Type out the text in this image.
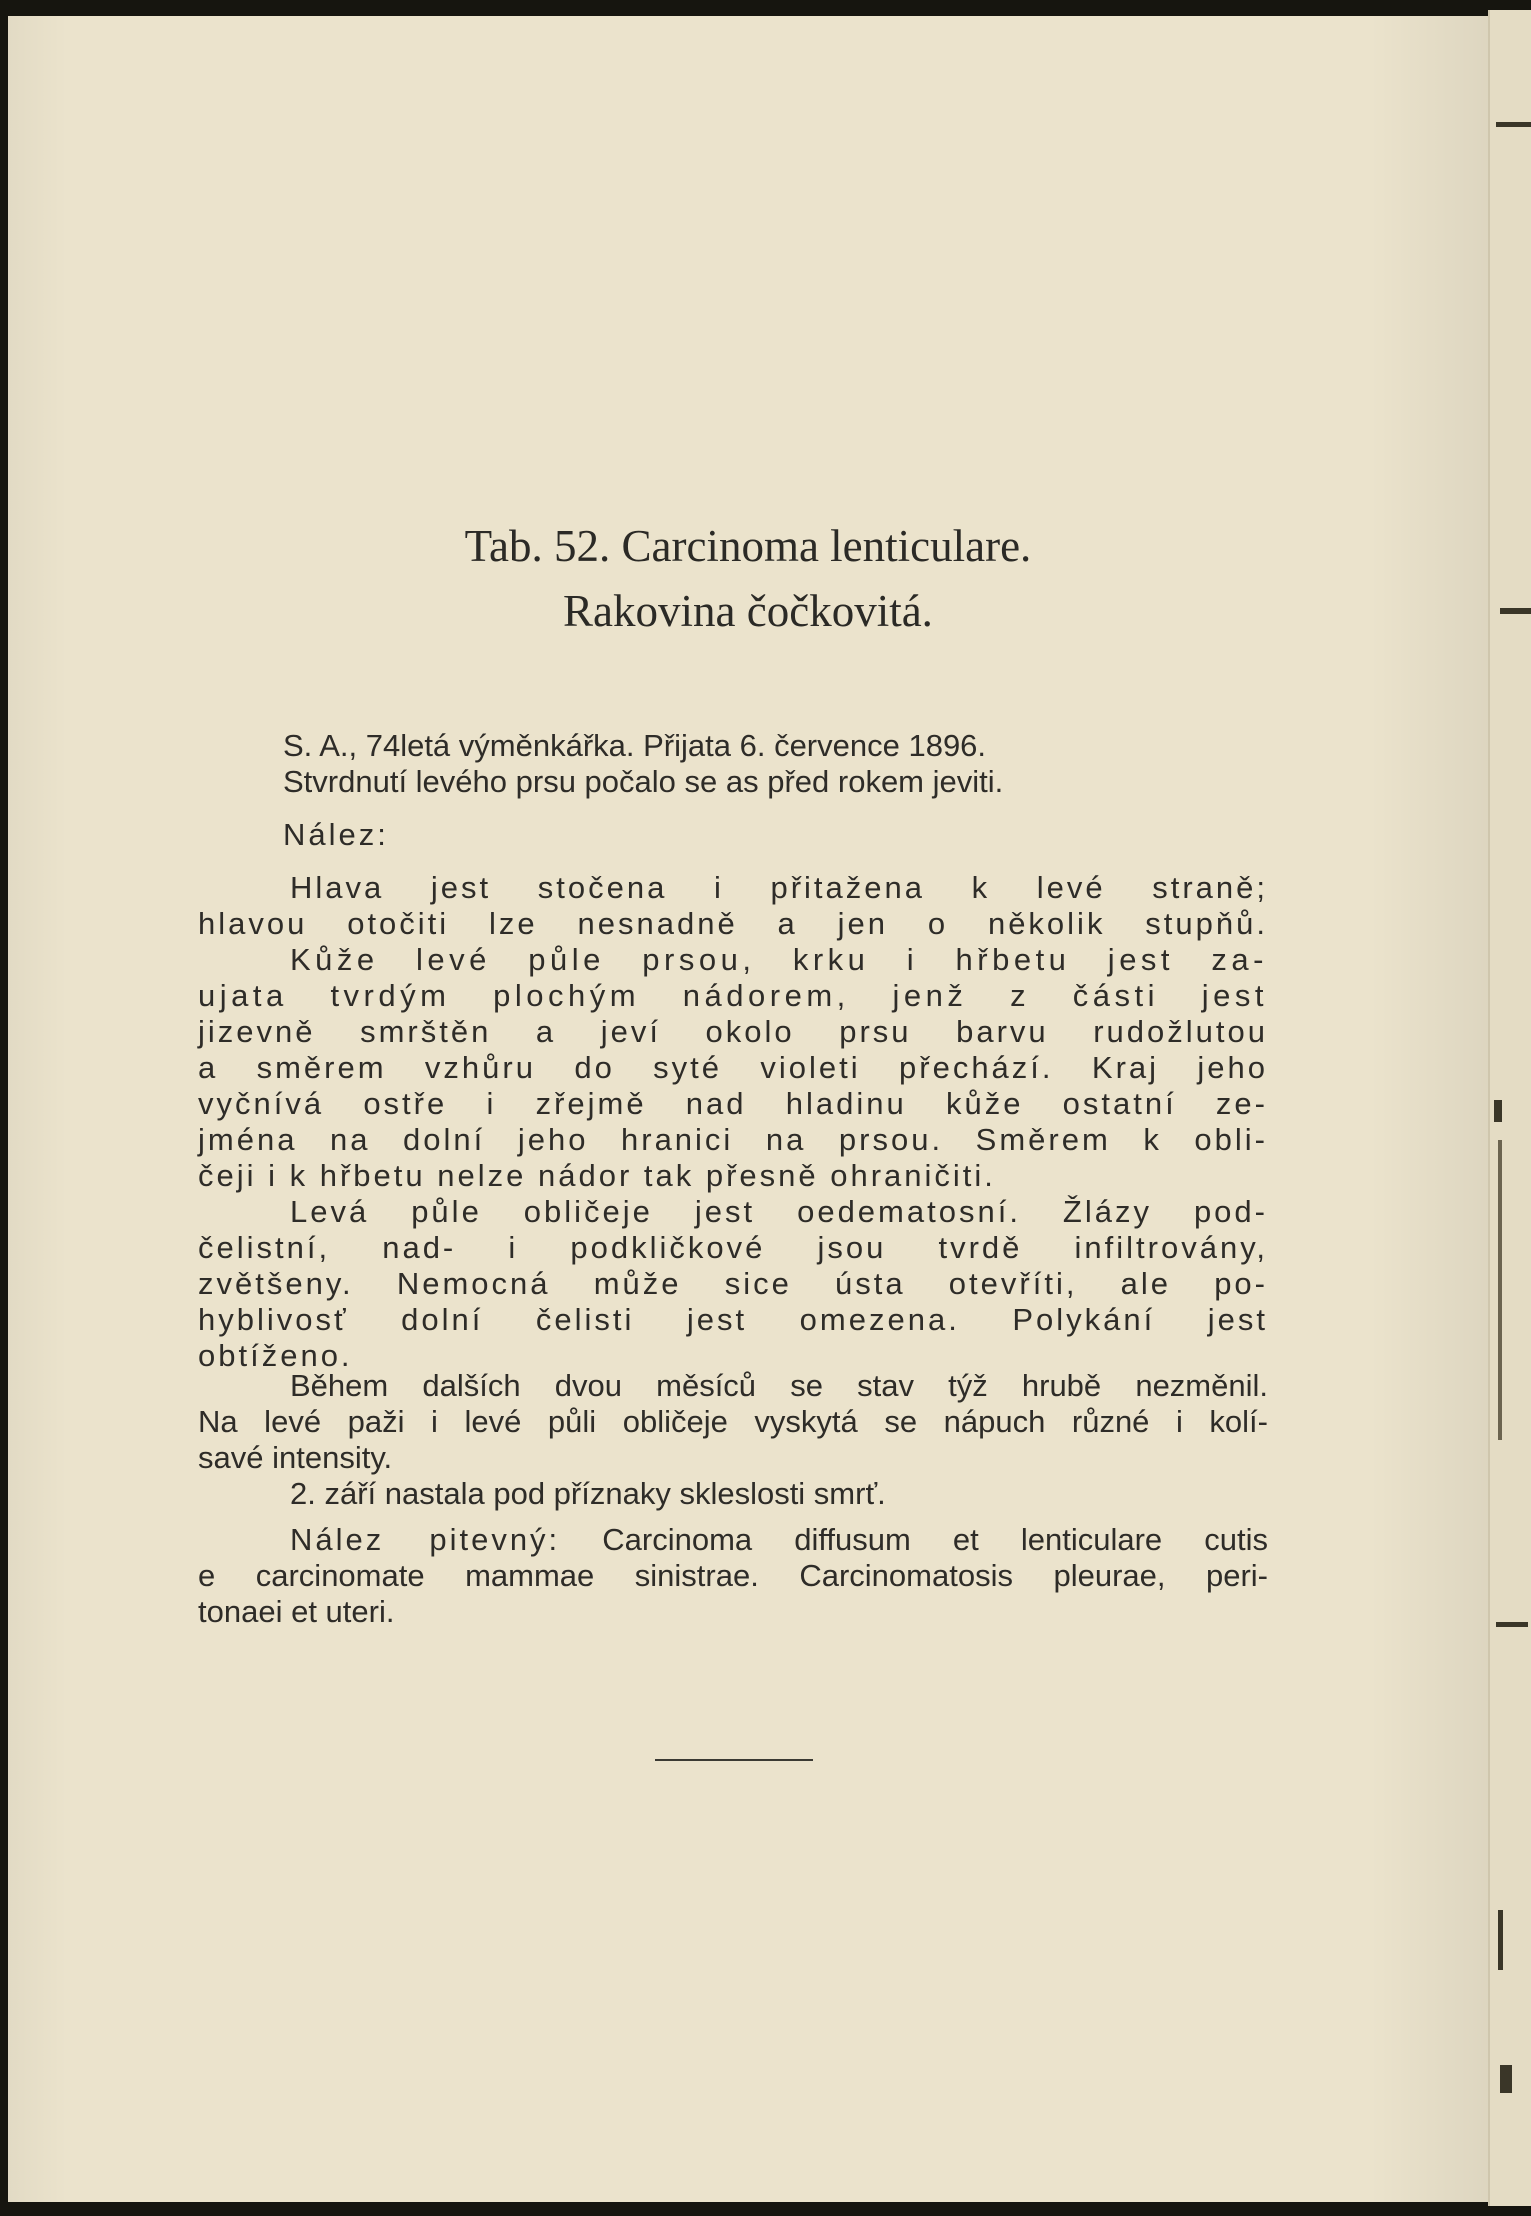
Tab. 52. Carcinoma lenticulare.
Rakovina čočkovitá.
S. A., 74letá výměnkářka. Přijata 6. července 1896.
Stvrdnutí levého prsu počalo se as před rokem jeviti.
Nález:
Hlava jest stočena i přitažena k levé straně;
hlavou otočiti lze nesnadně a jen o několik stupňů.
Kůže levé půle prsou, krku i hřbetu jest za-
ujata tvrdým plochým nádorem, jenž z části jest
jizevně smrštěn a jeví okolo prsu barvu rudožlutou
a směrem vzhůru do syté violeti přechází. Kraj jeho
vyčnívá ostře i zřejmě nad hladinu kůže ostatní ze-
jména na dolní jeho hranici na prsou. Směrem k obli-
čeji i k hřbetu nelze nádor tak přesně ohraničiti.
Levá půle obličeje jest oedematosní. Žlázy pod-
čelistní, nad- i podkličkové jsou tvrdě infiltrovány,
zvětšeny. Nemocná může sice ústa otevříti, ale po-
hyblivosť dolní čelisti jest omezena. Polykání jest
obtíženo.
Během dalších dvou měsíců se stav týž hrubě nezměnil.
Na levé paži i levé půli obličeje vyskytá se nápuch různé i kolí-
savé intensity.
2. září nastala pod příznaky skleslosti smrť.
Nález pitevný: Carcinoma diffusum et lenticulare cutis
e carcinomate mammae sinistrae. Carcinomatosis pleurae, peri-
tonaei et uteri.
